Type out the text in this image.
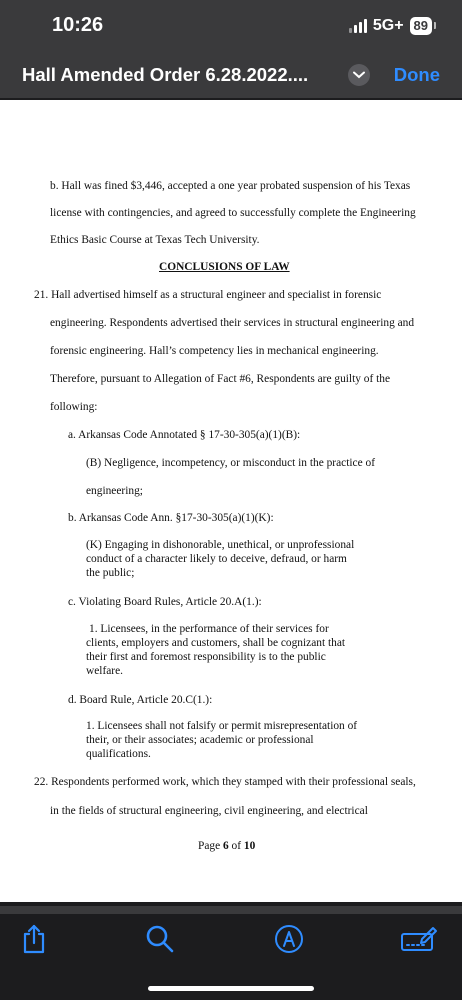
10:26	5G+ 89
Hall Amended Order 6.28.2022....	Done
b. Hall was fined $3,446, accepted a one year probated suspension of his Texas
license with contingencies, and agreed to successfully complete the Engineering
Ethics Basic Course at Texas Tech University.
CONCLUSIONS OF LAW
21. Hall advertised himself as a structural engineer and specialist in forensic
engineering. Respondents advertised their services in structural engineering and
forensic engineering. Hall’s competency lies in mechanical engineering.
Therefore, pursuant to Allegation of Fact #6, Respondents are guilty of the
following:
a. Arkansas Code Annotated § 17-30-305(a)(1)(B):
(B) Negligence, incompetency, or misconduct in the practice of
engineering;
b. Arkansas Code Ann. §17-30-305(a)(1)(K):
(K) Engaging in dishonorable, unethical, or unprofessional
conduct of a character likely to deceive, defraud, or harm
the public;
c. Violating Board Rules, Article 20.A(1.):
1. Licensees, in the performance of their services for
clients, employers and customers, shall be cognizant that
their first and foremost responsibility is to the public
welfare.
d. Board Rule, Article 20.C(1.):
1. Licensees shall not falsify or permit misrepresentation of
their, or their associates; academic or professional
qualifications.
22. Respondents performed work, which they stamped with their professional seals,
in the fields of structural engineering, civil engineering, and electrical
Page 6 of 10
